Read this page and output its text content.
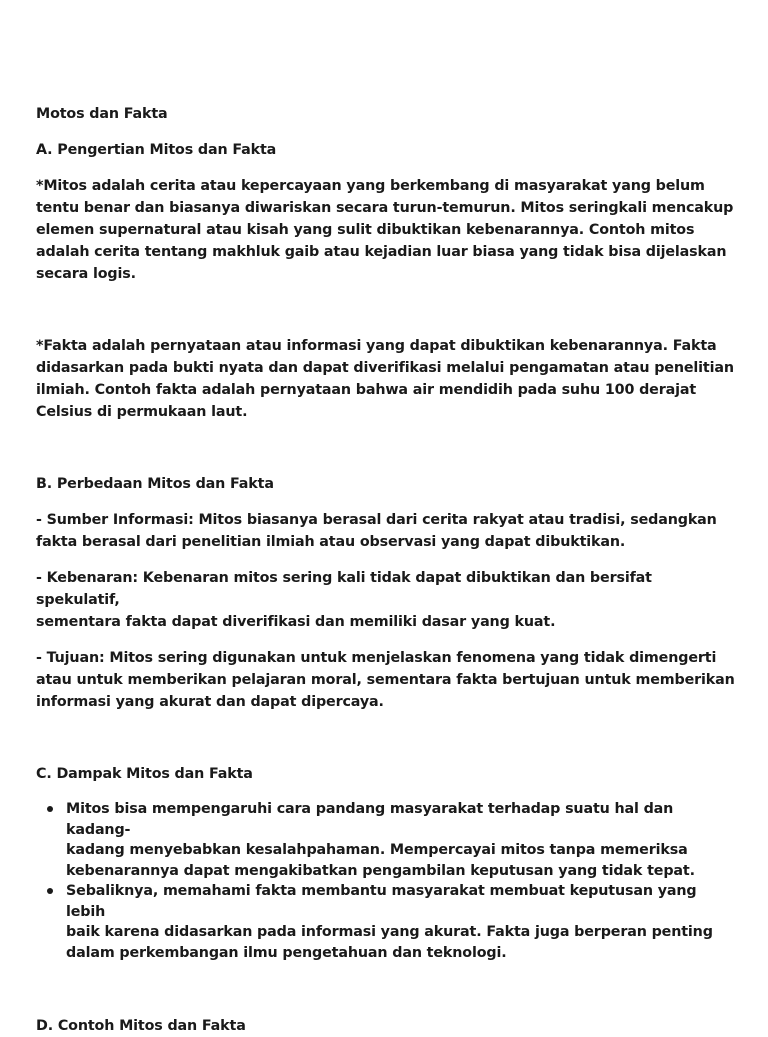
Motos dan Fakta
A. Pengertian Mitos dan Fakta
*Mitos adalah cerita atau kepercayaan yang berkembang di masyarakat yang belum
tentu benar dan biasanya diwariskan secara turun-temurun. Mitos seringkali mencakup
elemen supernatural atau kisah yang sulit dibuktikan kebenarannya. Contoh mitos
adalah cerita tentang makhluk gaib atau kejadian luar biasa yang tidak bisa dijelaskan
secara logis.
*Fakta adalah pernyataan atau informasi yang dapat dibuktikan kebenarannya. Fakta
didasarkan pada bukti nyata dan dapat diverifikasi melalui pengamatan atau penelitian
ilmiah. Contoh fakta adalah pernyataan bahwa air mendidih pada suhu 100 derajat
Celsius di permukaan laut.
B. Perbedaan Mitos dan Fakta
- Sumber Informasi: Mitos biasanya berasal dari cerita rakyat atau tradisi, sedangkan
fakta berasal dari penelitian ilmiah atau observasi yang dapat dibuktikan.
- Kebenaran: Kebenaran mitos sering kali tidak dapat dibuktikan dan bersifat spekulatif,
sementara fakta dapat diverifikasi dan memiliki dasar yang kuat.
- Tujuan: Mitos sering digunakan untuk menjelaskan fenomena yang tidak dimengerti
atau untuk memberikan pelajaran moral, sementara fakta bertujuan untuk memberikan
informasi yang akurat dan dapat dipercaya.
C. Dampak Mitos dan Fakta
Mitos bisa mempengaruhi cara pandang masyarakat terhadap suatu hal dan kadang-
kadang menyebabkan kesalahpahaman. Mempercayai mitos tanpa memeriksa
kebenarannya dapat mengakibatkan pengambilan keputusan yang tidak tepat.
Sebaliknya, memahami fakta membantu masyarakat membuat keputusan yang lebih
baik karena didasarkan pada informasi yang akurat. Fakta juga berperan penting
dalam perkembangan ilmu pengetahuan dan teknologi.
D. Contoh Mitos dan Fakta
